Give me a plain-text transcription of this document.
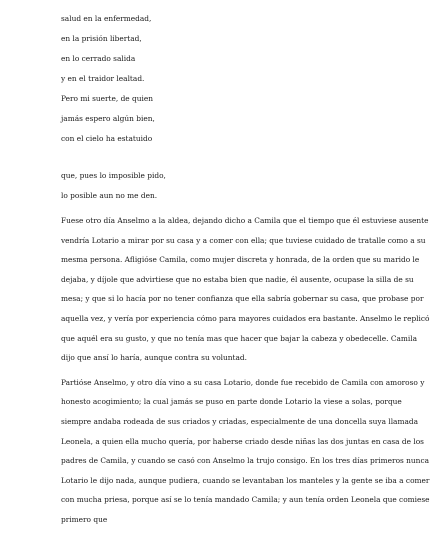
salud en la enfermedad,
en la prisión libertad,
en lo cerrado salida
y en el traidor lealtad.
Pero mi suerte, de quien
jamás espero algún bien,
con el cielo ha estatuido
que, pues lo imposible pido,
lo posible aun no me den.

Fuese otro día Anselmo a la aldea, dejando dicho a Camila que el tiempo que él estuviese ausente vendría Lotario a mirar por su casa y a comer con ella; que tuviese cuidado de tratalle como a su mesma persona. Afligióse Camila, como mujer discreta y honrada, de la orden que su marido le dejaba, y díjole que advirtiese que no estaba bien que nadie, él ausente, ocupase la silla de su mesa; y que si lo hacía por no tener confianza que ella sabría gobernar su casa, que probase por aquella vez, y vería por experiencia cómo para mayores cuidados era bastante. Anselmo le replicó que aquél era su gusto, y que no tenía mas que hacer que bajar la cabeza y obedecelle. Camila dijo que ansí lo haría, aunque contra su voluntad.

Partióse Anselmo, y otro día vino a su casa Lotario, donde fue recebido de Camila con amoroso y honesto acogimiento; la cual jamás se puso en parte donde Lotario la viese a solas, porque siempre andaba rodeada de sus criados y criadas, especialmente de una doncella suya llamada Leonela, a quien ella mucho quería, por haberse criado desde niñas las dos juntas en casa de los padres de Camila, y cuando se casó con Anselmo la trujo consigo. En los tres días primeros nunca Lotario le dijo nada, aunque pudiera, cuando se levantaban los manteles y la gente se iba a comer con mucha priesa, porque así se lo tenía mandado Camila; y aun tenía orden Leonela que comiese primero que
